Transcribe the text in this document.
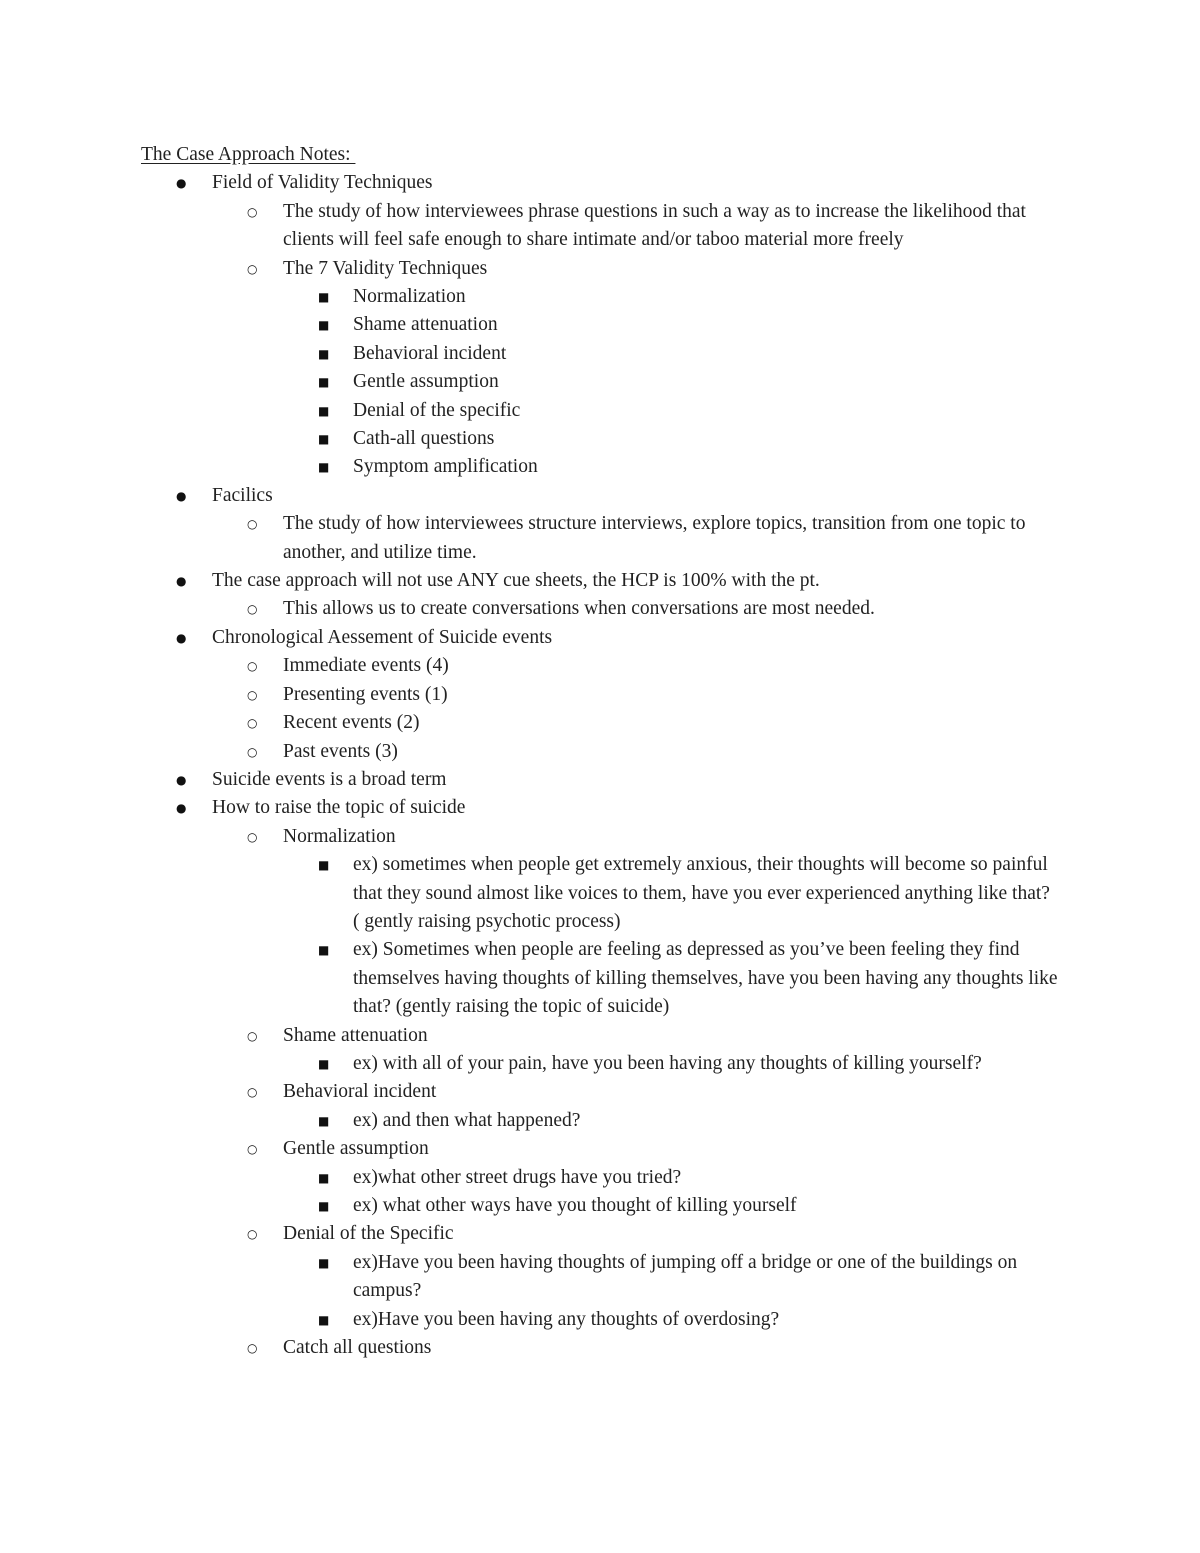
The Case Approach Notes:
● Field of Validity Techniques
○ The study of how interviewees phrase questions in such a way as to increase the likelihood that clients will feel safe enough to share intimate and/or taboo material more freely
○ The 7 Validity Techniques
■ Normalization
■ Shame attenuation
■ Behavioral incident
■ Gentle assumption
■ Denial of the specific
■ Cath-all questions
■ Symptom amplification
● Facilics
○ The study of how interviewees structure interviews, explore topics, transition from one topic to another, and utilize time.
● The case approach will not use ANY cue sheets, the HCP is 100% with the pt.
○ This allows us to create conversations when conversations are most needed.
● Chronological Aessement of Suicide events
○ Immediate events (4)
○ Presenting events (1)
○ Recent events (2)
○ Past events (3)
● Suicide events is a broad term
● How to raise the topic of suicide
○ Normalization
■ ex) sometimes when people get extremely anxious, their thoughts will become so painful that they sound almost like voices to them, have you ever experienced anything like that? ( gently raising psychotic process)
■ ex) Sometimes when people are feeling as depressed as you’ve been feeling they find themselves having thoughts of killing themselves, have you been having any thoughts like that? (gently raising the topic of suicide)
○ Shame attenuation
■ ex) with all of your pain, have you been having any thoughts of killing yourself?
○ Behavioral incident
■ ex) and then what happened?
○ Gentle assumption
■ ex)what other street drugs have you tried?
■ ex) what other ways have you thought of killing yourself
○ Denial of the Specific
■ ex)Have you been having thoughts of jumping off a bridge or one of the buildings on campus?
■ ex)Have you been having any thoughts of overdosing?
○ Catch all questions
